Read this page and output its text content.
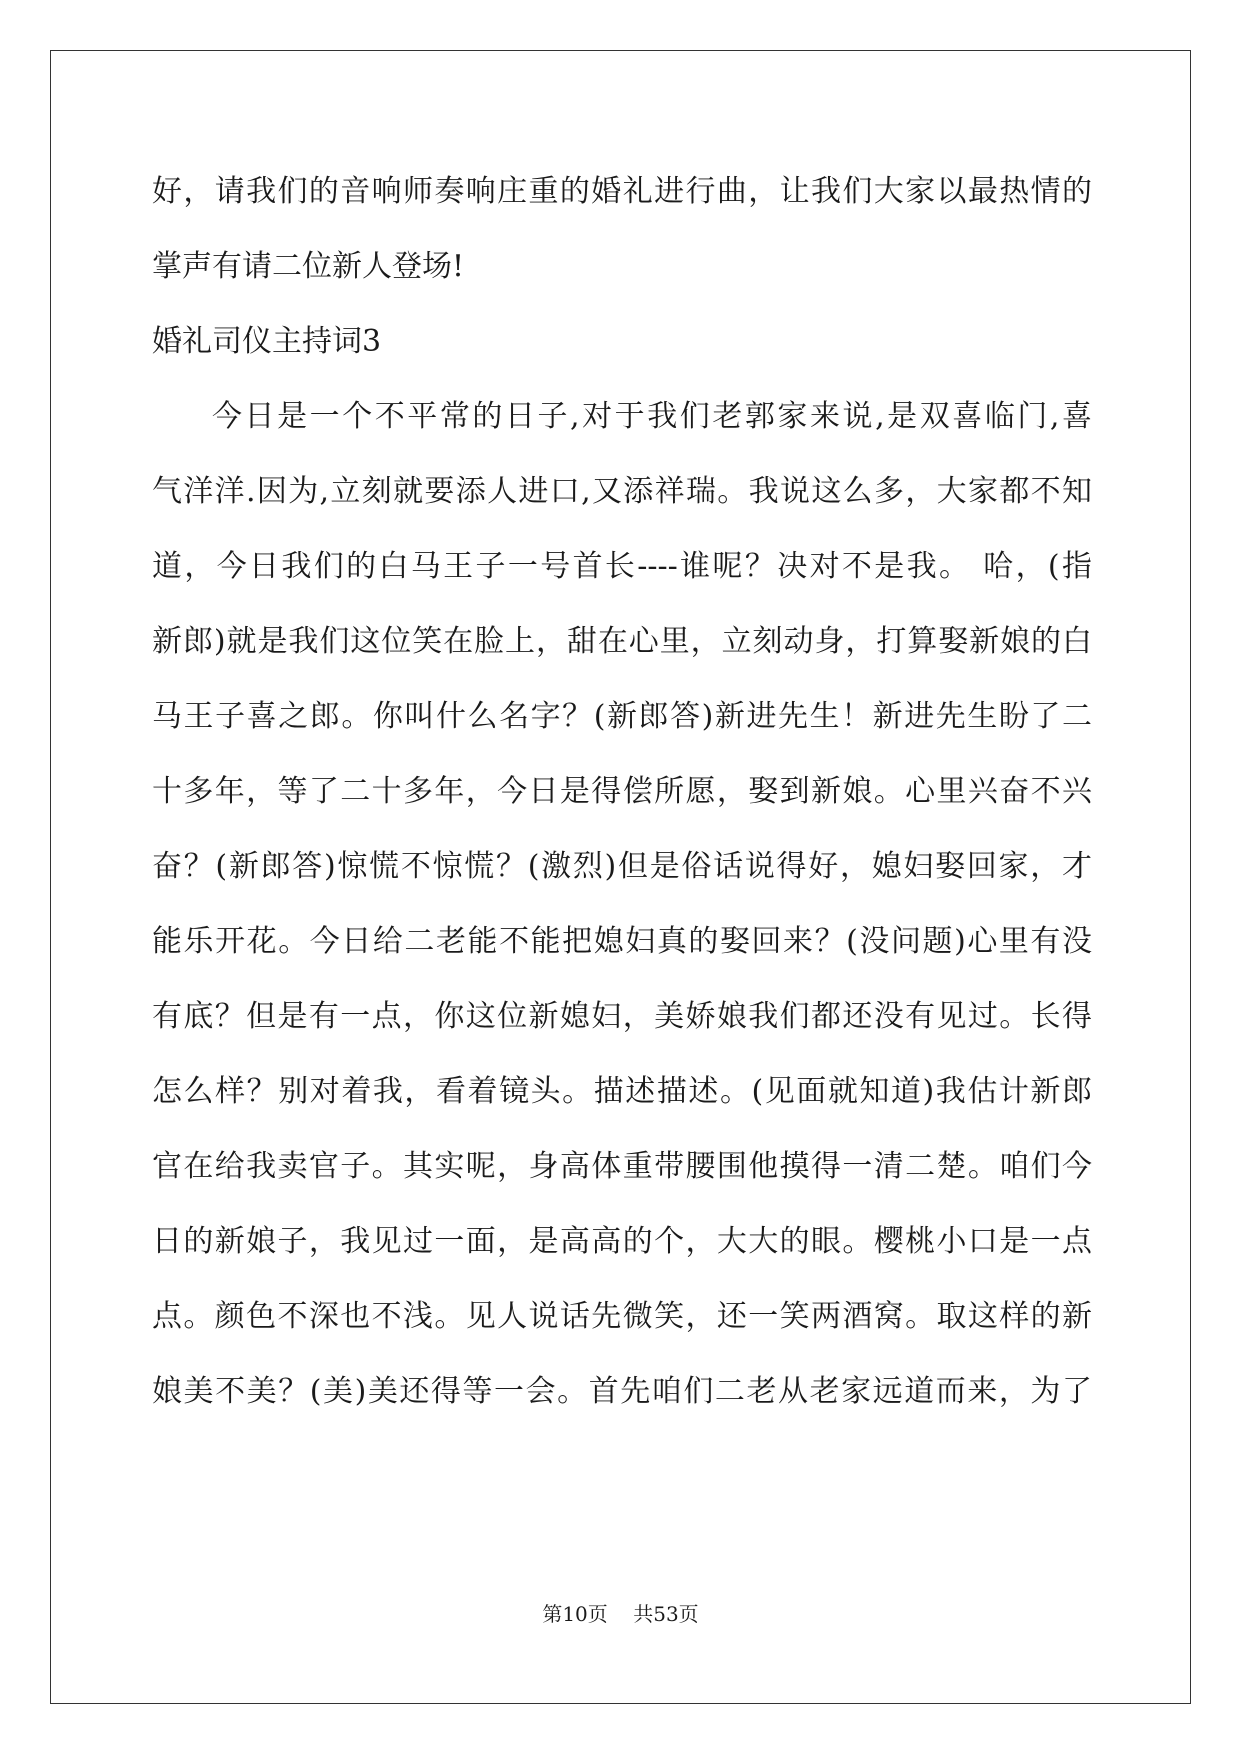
好，请我们的音响师奏响庄重的婚礼进行曲，让我们大家以最热情的
掌声有请二位新人登场!
婚礼司仪主持词3
今日是一个不平常的日子,对于我们老郭家来说,是双喜临门,喜
气洋洋.因为,立刻就要添人进口,又添祥瑞。我说这么多，大家都不知
道，今日我们的白马王子一号首长----谁呢？决对不是我。 哈，(指
新郎)就是我们这位笑在脸上，甜在心里，立刻动身，打算娶新娘的白
马王子喜之郎。你叫什么名字？(新郎答)新进先生！新进先生盼了二
十多年，等了二十多年，今日是得偿所愿，娶到新娘。心里兴奋不兴
奋？(新郎答)惊慌不惊慌？(激烈)但是俗话说得好，媳妇娶回家，才
能乐开花。今日给二老能不能把媳妇真的娶回来？(没问题)心里有没
有底？但是有一点，你这位新媳妇，美娇娘我们都还没有见过。长得
怎么样？别对着我，看着镜头。描述描述。(见面就知道)我估计新郎
官在给我卖官子。其实呢，身高体重带腰围他摸得一清二楚。咱们今
日的新娘子，我见过一面，是高高的个，大大的眼。樱桃小口是一点
点。颜色不深也不浅。见人说话先微笑，还一笑两酒窝。取这样的新
娘美不美？(美)美还得等一会。首先咱们二老从老家远道而来，为了
第10页 共53页
